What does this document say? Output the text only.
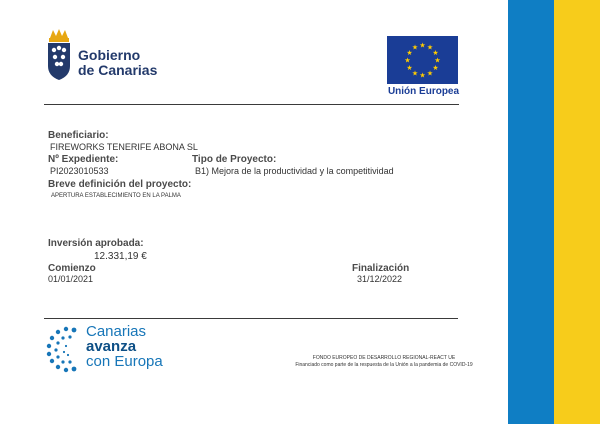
Gobierno
de Canarias
★ ★
★
★
★
★
★
★
★
★
★
★
Unión Europea
Beneficiario:
FIREWORKS TENERIFE ABONA SL
Nº Expediente:
PI2023010533
Tipo de Proyecto:
B1) Mejora de la productividad y la competitividad
Breve definición del proyecto:
APERTURA ESTABLECIMIENTO EN LA PALMA
Inversión aprobada:
12.331,19 €
Comienzo
01/01/2021
Finalización
31/12/2022
Canarias
avanza
con Europa	FONDO EUROPEO DE DESARROLLO REGIONAL-REACT UE
Financiado como parte de la respuesta de la Unión a la pandemia de COVID-19
